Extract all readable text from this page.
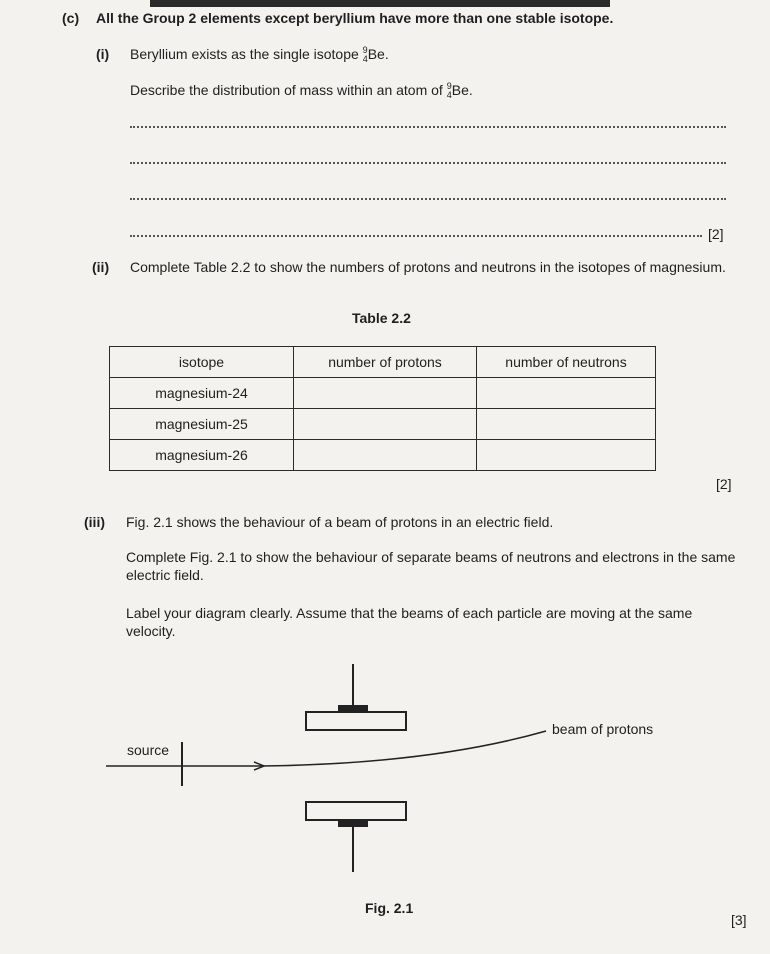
(c) All the Group 2 elements except beryllium have more than one stable isotope.
(i) Beryllium exists as the single isotope $^9_4$Be.
Describe the distribution of mass within an atom of $^9_4$Be.
[2]
(ii) Complete Table 2.2 to show the numbers of protons and neutrons in the isotopes of magnesium.
Table 2.2
isotope	number of protons	number of neutrons
magnesium-24		
magnesium-25		
magnesium-26		
[2]
(iii) Fig. 2.1 shows the behaviour of a beam of protons in an electric field.
Complete Fig. 2.1 to show the behaviour of separate beams of neutrons and electrons in the same electric field.
Label your diagram clearly. Assume that the beams of each particle are moving at the same velocity.
source
beam of protons
Fig. 2.1
[3]
